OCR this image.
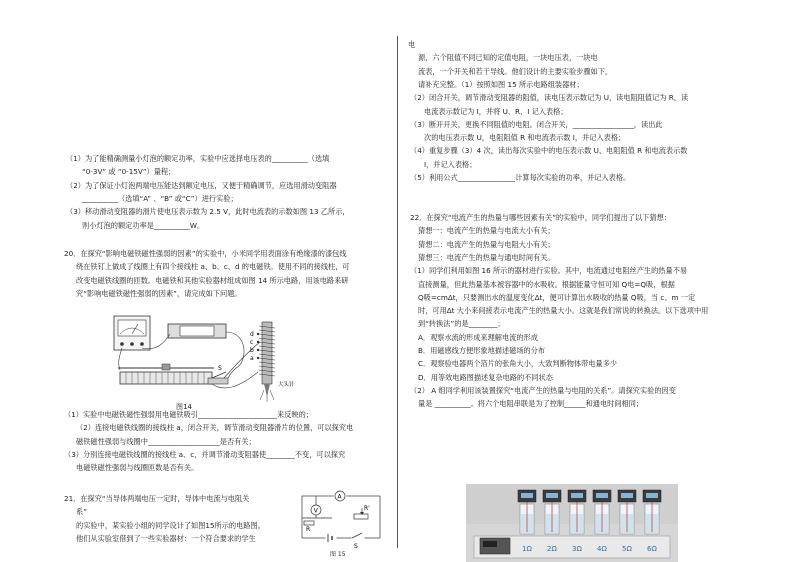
（1）为了能精确测量小灯泡的额定功率，实验中应选择电压表的__________（选填
“0-3V” 或 “0-15V”）量程；
（2）为了保证小灯泡两端电压能达到额定电压，又便于精确调节，应选用滑动变阻器
__________（选填“A” 、“B” 或“C”）进行实验；
（3）移动滑动变阻器的滑片使电压表示数为 2.5 V，此时电流表的示数如图 13 乙所示，
则小灯泡的额定功率是__________W。
20．在探究“影响电磁铁磁性强弱的因素”的实验中，小米同学用表面涂有绝缘漆的漆包线
绕在铁钉上做成了线圈上有四个接线柱 a、b、c、d 的电磁铁。使用不同的接线柱，可
改变电磁铁线圈的匝数。电磁铁和其他实验器材组成如图 14 所示电路，用该电路来研
究“影响电磁铁磁性强弱的因素”，请完成如下问题。
d
c
b
a
S
大头针
图14
（1）实验中电磁铁磁性强弱用电磁铁吸引______________________来反映的；
（2）连接电磁铁线圈的接线柱 a，闭合开关，调节滑动变阻器滑片的位置，可以探究电
磁铁磁性强弱与线圈中____________________是否有关；
（3）分别连接电磁铁线圈的接线柱 a、c，并调节滑动变阻器使________不变，可以探究
电磁铁磁性强弱与线圈匝数是否有关。
21．在探究“当导体两端电压一定时，导体中电流与电阻关
系”
的实验中，某实验小组的同学设计了如图15所示的电路图。
他们从实验室借到了一些实验器材：一个符合要求的学生
A
V
R
R'
S
图 15
电
源，六个阻值不同已知的定值电阻，一块电压表，一块电
流表，一个开关和若干导线。他们设计的主要实验步骤如下，
请补充完整。（1）按照如图 15 所示电路组装器材；
（2）闭合开关，调节滑动变阻器的阻值，读电压表示数记为 U，读电阻阻值记为 R，读
电流表示数记为 I，并将 U、R、I 记入表格；
（3）断开开关，更换不同阻值的电阻。闭合开关，_________________，读出此
次的电压表示数 U，电阻阻值 R 和电流表示数 I，并记入表格；
（4）重复步骤（3）4 次，读出每次实验中的电压表示数 U、电阻阻值 R 和电流表示数
I，并记入表格；
（5）利用公式________________计算每次实验的功率，并记入表格。
22．在探究“电流产生的热量与哪些因素有关”的实验中，同学们提出了以下猜想：
猜想一：电流产生的热量与电流大小有关；
猜想二：电流产生的热量与电阻大小有关；
猜想三：电流产生的热量与通电时间有关。
（1）同学们利用如图 16 所示的器材进行实验。其中，电流通过电阻丝产生的热量不易
直接测量，但此热量基本被容器中的水吸收。根据能量守恒可知 Q电=Q吸，根据
Q吸=cmΔt，只要测出水的温度变化Δt，便可计算出水吸收的热量 Q吸，当 c、m 一定
时，可用Δt 大小来间接表示电流产生的热量大小。这就是我们常说的转换法。以下选项中用
到“转换法”的是________；
A．观察水流的形成来理解电流的形成
B．用磁感线方便形象地描述磁场的分布
C．观察验电器两个箔片的张角大小，大致判断物体带电量多少
D．用等效电路图描述复杂电路的不同状态
（2） A 组同学利用该装置探究“电流产生的热量与电阻的关系”。请探究实验的因变
量是 __________。将六个电阻串联是为了控制______和通电时间相同；
1Ω 2Ω 3Ω 4Ω 5Ω 6Ω
